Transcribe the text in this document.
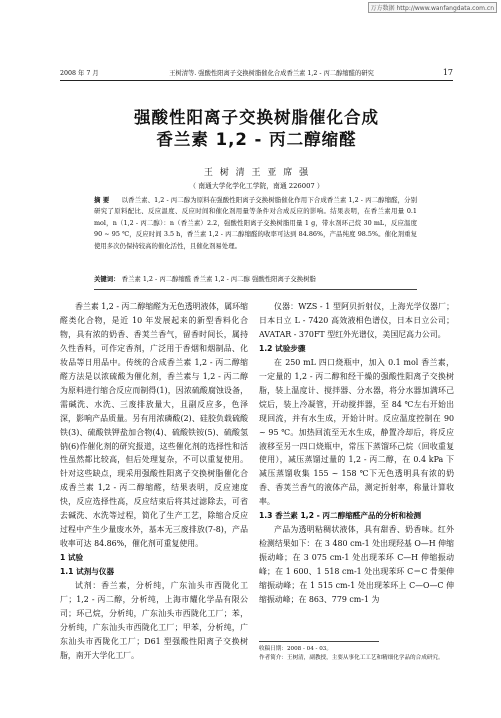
万方数据 http://www.wanfangdata.com.cn
2008 年 7 月	王树清等. 强酸性阳离子交换树脂催化合成香兰素 1,2 - 丙二醇缩醛的研究	17
强酸性阳离子交换树脂催化合成
香兰素 1,2 - 丙二醇缩醛
王 树 清 王 亚 席 强
（ 南通大学化学化工学院，南通 226007 ）
摘 要 以香兰素、1,2 - 丙二醇为原料在强酸性阳离子交换树脂催化作用下合成香兰素 1,2 - 丙二醇缩醛，分别研究了原料配比、反应温度、反应时间和催化剂用量等条件对合成反应的影响。结果表明，在香兰素用量 0.1 mol，n（1,2 - 丙二醇）：n（香兰素）2.2，强酸性阳离子交换树脂用量 1 g，带水剂环己烷 30 mL，反应温度 90 ~ 95 ℃，反应时间 3.5 h，香兰素 1,2 - 丙二醇缩醛的收率可达到 84.86%，产品纯度 98.5%。催化剂重复使用多次仍保持较高的催化活性，且催化剂易处理。
关键词： 香兰素 1,2 - 丙二醇缩醛 香兰素 1,2 - 丙二醇 强酸性阳离子交换树脂

香兰素 1,2 - 丙二醇缩醛为无色透明液体，属环缩醛类化合物，是近 10 年发展起来的新型香料化合物，具有浓的奶香、香荚兰香气，留香时间长，属持久性香料，可作定香剂，广泛用于香烟和烟制品、化妆品等日用品中。传统的合成香兰素 1,2 - 丙二醇缩醛方法是以浓硫酸为催化剂，香兰素与 1,2 - 丙二醇为原料进行缩合反应而制得(1)，因浓硫酸腐蚀设备，需碱洗、水洗、三废排放量大，且副反应多，色泽深，影响产品质量。另有用浓磷酸(2)、硅胶负载硫酸铁(3)、硫酸铁钾盐加合物(4)、硫酸铁铵(5)、硫酸氢钠(6)作催化剂的研究报道，这些催化剂的选择性和活性虽然都比较高，但后处理复杂，不可以重复使用。针对这些缺点，现采用强酸性阳离子交换树脂催化合成香兰素 1,2 - 丙二醇缩醛，结果表明，反应速度快，反应选择性高，反应结束后将其过滤除去，可省去碱洗、水洗等过程，简化了生产工艺，除缩合反应过程中产生少量废水外，基本无三废排放(7-8)，产品收率可达 84.86%，催化剂可重复使用。

1 试验

1.1 试剂与仪器

试剂：香兰素，分析纯，广东汕头市西陇化工厂；1,2 - 丙二醇，分析纯，上海市耀化学品有限公司；环己烷，分析纯，广东汕头市西陇化工厂；苯，分析纯，广东汕头市西陇化工厂；甲苯，分析纯，广东汕头市西陇化工厂；D61 型强酸性阳离子交换树脂，南开大学化工厂。

仪器：WZS - 1 型阿贝折射仪，上海光学仪器厂；日本日立 L - 7420 高效液相色谱仪，日本日立公司；AVATAR - 370FT 型红外光谱仪，美国尼高力公司。

1.2 试验步骤

在 250 mL 四口烧瓶中，加入 0.1 mol 香兰素，一定量的 1,2 - 丙二醇和经干燥的强酸性阳离子交换树脂，装上温度计、搅拌器、分水器，将分水器加满环己烷后，装上冷凝管，开动搅拌器，至 84 ℃左右开始出现回流，并有水生成，开始计时。反应温度控制在 90 ~ 95 ℃。加热回流至无水生成，静置冷却后，将反应液移至另一四口烧瓶中，常压下蒸馏环己烷（回收重复使用），减压蒸馏过量的 1,2 - 丙二醇，在 0.4 kPa 下减压蒸馏收集 155 ~ 158 ℃下无色透明具有浓的奶香、香荚兰香气的液体产品，测定折射率，称量计算收率。

1.3 香兰素 1,2 - 丙二醇缩醛产品的分析和检测

产品为透明粘稠状液体，具有甜香、奶香味。红外检测结果如下：在 3 480 cm-1 处出现羟基 O—H 伸缩振动峰；在 3 075 cm-1 处出现苯环 C—H 伸缩振动峰；在 1 600、1 518 cm-1 处出现苯环 C＝C 骨架伸缩振动峰；在 1 515 cm-1 处出现苯环上 C—O—C 伸缩振动峰；在 863、779 cm-1 为

收稿日期：2008 - 04 - 03。
作者简介：王树清，副教授，主要从事化工工艺和精细化学品的合成研究。
